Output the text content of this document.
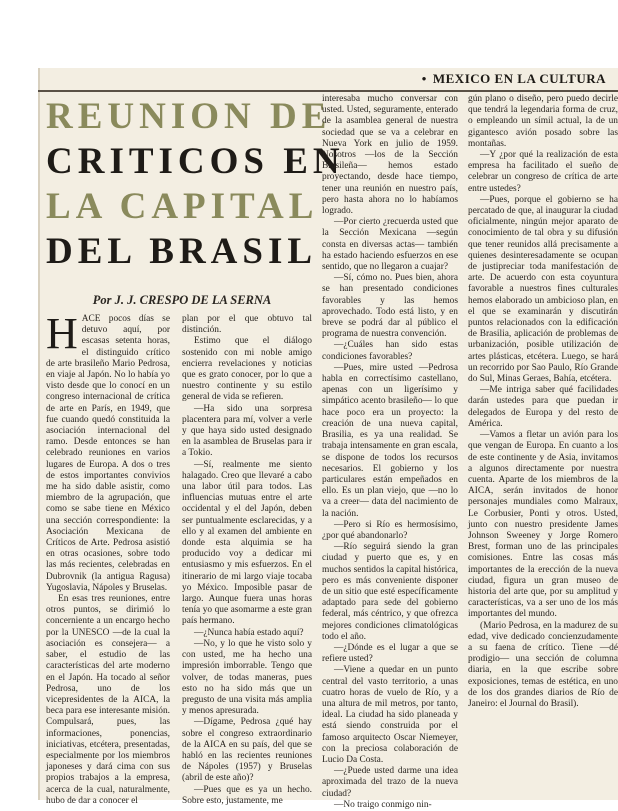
• MEXICO EN LA CULTURA

REUNION DE

CRITICOS EN

LA CAPITAL

DEL BRASIL

Por J. J. CRESPO DE LA SERNA
H ACE pocos días se detuvo aquí, por escasas setenta horas, el distinguido crítico de arte brasileño Mario Pedrosa, en viaje al Japón. No lo había yo visto desde que lo conocí en un congreso internacional de crítica de arte en París, en 1949, que fue cuando quedó constituida la asociación internacional del ramo. Desde entonces se han celebrado reuniones en varios lugares de Europa. A dos o tres de estos importantes convivios me ha sido dable asistir, como miembro de la agrupación, que como se sabe tiene en México una sección correspondiente: la Asociación Mexicana de Críticos de Arte. Pedrosa asistió en otras ocasiones, sobre todo las más recientes, celebradas en Dubrovnik (la antigua Ragusa) Yugoslavia, Nápoles y Bruselas.

En esas tres reuniones, entre otros puntos, se dirimió lo concerniente a un encargo hecho por la UNESCO —de la cual la asociación es consejera— a saber, el estudio de las características del arte moderno en el Japón. Ha tocado al señor Pedrosa, uno de los vicepresidentes de la AICA, la beca para ese interesante misión. Compulsará, pues, las informaciones, ponencias, iniciativas, etcétera, presentadas, especialmente por los miembros japoneses y dará cima con sus propios trabajos a la empresa, acerca de la cual, naturalmente, hubo de dar a conocer el

plan por el que obtuvo tal distinción.

Estimo que el diálogo sostenido con mi noble amigo encierra revelaciones y noticias que es grato conocer, por lo que a nuestro continente y su estilo general de vida se refieren.

—Ha sido una sorpresa placentera para mí, volver a verle y que haya sido usted designado en la asamblea de Bruselas para ir a Tokio.

—Sí, realmente me siento halagado. Creo que llevaré a cabo una labor útil para todos. Las influencias mutuas entre el arte occidental y el del Japón, deben ser puntualmente esclarecidas, y a ello y al examen del ambiente en donde esta alquimia se ha producido voy a dedicar mi entusiasmo y mis esfuerzos. En el itinerario de mi largo viaje tocaba yo México. Imposible pasar de largo. Aunque fuera unas horas tenía yo que asomarme a este gran país hermano.

—¿Nunca había estado aquí?

—No, y lo que he visto solo y con usted, me ha hecho una impresión imborrable. Tengo que volver, de todas maneras, pues esto no ha sido más que un pregusto de una visita más amplia y menos apresurada.

—Dígame, Pedrosa ¿qué hay sobre el congreso extraordinario de la AICA en su país, del que se habló en las recientes reuniones de Nápoles (1957) y Bruselas (abril de este año)?

—Pues que es ya un hecho. Sobre esto, justamente, me

interesaba mucho conversar con usted. Usted, seguramente, enterado de la asamblea general de nuestra sociedad que se va a celebrar en Nueva York en julio de 1959. Nosotros —los de la Sección Brasileña— hemos estado proyectando, desde hace tiempo, tener una reunión en nuestro país, pero hasta ahora no lo habíamos logrado.

—Por cierto ¿recuerda usted que la Sección Mexicana —según consta en diversas actas— también ha estado haciendo esfuerzos en ese sentido, que no llegaron a cuajar?

—Sí, cómo no. Pues bien, ahora se han presentado condiciones favorables y las hemos aprovechado. Todo está listo, y en breve se podrá dar al público el programa de nuestra convención.

—¿Cuáles han sido estas condiciones favorables?

—Pues, mire usted —Pedrosa habla en correctísimo castellano, apenas con un ligerísimo y simpático acento brasileño— lo que hace poco era un proyecto: la creación de una nueva capital, Brasilia, es ya una realidad. Se trabaja intensamente en gran escala, se dispone de todos los recursos necesarios. El gobierno y los particulares están empeñados en ello. Es un plan viejo, que —no lo va a creer— data del nacimiento de la nación.

—Pero si Río es hermosísimo, ¿por qué abandonarlo?

—Río seguirá siendo la gran ciudad y puerto que es, y en muchos sentidos la capital histórica, pero es más conveniente disponer de un sitio que esté específicamente adaptado para sede del gobierno federal, más céntrico, y que ofrezca mejores condiciones climatológicas todo el año.

—¿Dónde es el lugar a que se refiere usted?

—Viene a quedar en un punto central del vasto territorio, a unas cuatro horas de vuelo de Río, y a una altura de mil metros, por tanto, ideal. La ciudad ha sido planeada y está siendo construida por el famoso arquitecto Oscar Niemeyer, con la preciosa colaboración de Lucio Da Costa.

—¿Puede usted darme una idea aproximada del trazo de la nueva ciudad?

—No traigo conmigo nin-

gún plano o diseño, pero puedo decirle que tendrá la legendaria forma de cruz, o empleando un símil actual, la de un gigantesco avión posado sobre las montañas.

—Y ¿por qué la realización de esta empresa ha facilitado el sueño de celebrar un congreso de crítica de arte entre ustedes?

—Pues, porque el gobierno se ha percatado de que, al inaugurar la ciudad oficialmente, ningún mejor aparato de conocimiento de tal obra y su difusión que tener reunidos allá precisamente a quienes desinteresadamente se ocupan de justipreciar toda manifestación de arte. De acuerdo con esta coyuntura favorable a nuestros fines culturales hemos elaborado un ambicioso plan, en el que se examinarán y discutirán puntos relacionados con la edificación de Brasilia, aplicación de problemas de urbanización, posible utilización de artes plásticas, etcétera. Luego, se hará un recorrido por Sao Paulo, Río Grande do Sul, Minas Geraes, Bahía, etcétera.

—Me intriga saber qué facilidades darán ustedes para que puedan ir delegados de Europa y del resto de América.

—Vamos a fletar un avión para los que vengan de Europa. En cuanto a los de este continente y de Asia, invitamos a algunos directamente por nuestra cuenta. Aparte de los miembros de la AICA, serán invitados de honor personajes mundiales como Malraux, Le Corbusier, Ponti y otros. Usted, junto con nuestro presidente James Johnson Sweeney y Jorge Romero Brest, forman uno de las principales comisiones. Entre las cosas más importantes de la erección de la nueva ciudad, figura un gran museo de historia del arte que, por su amplitud y características, va a ser uno de los más importantes del mundo.

(Mario Pedrosa, en la madurez de su edad, vive dedicado concienzudamente a su faena de crítico. Tiene —dé prodigio— una sección de columna diaria, en la que escribe sobre exposiciones, temas de estética, en uno de los dos grandes diarios de Río de Janeiro: el Journal do Brasil).
